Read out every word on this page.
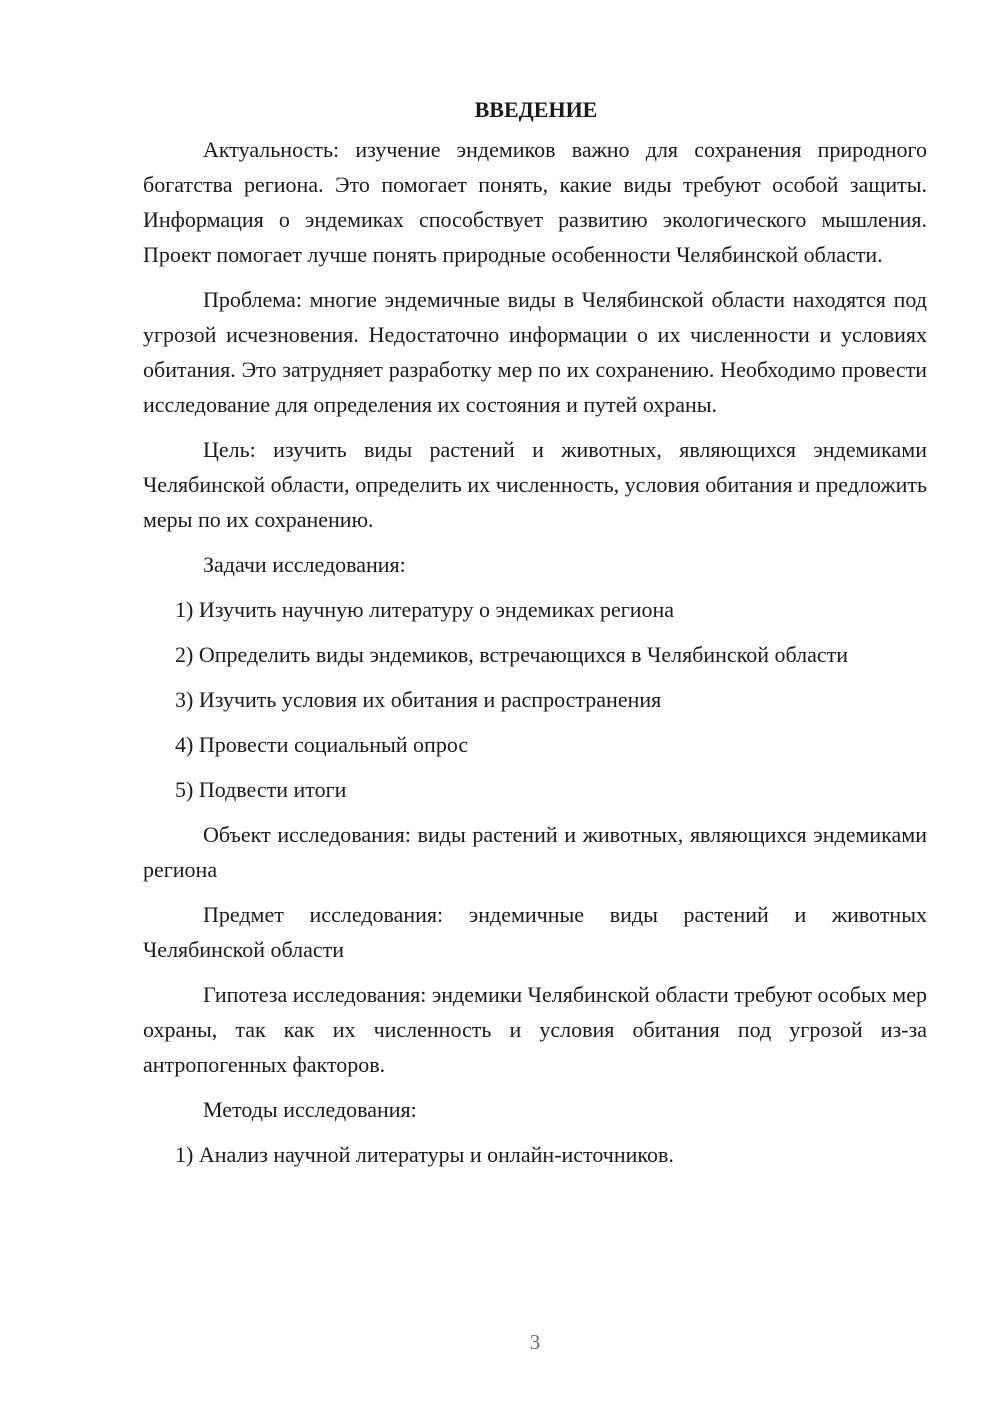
ВВЕДЕНИЕ

Актуальность: изучение эндемиков важно для сохранения природного богатства региона. Это помогает понять, какие виды требуют особой защиты. Информация о эндемиках способствует развитию экологического мышления. Проект помогает лучше понять природные особенности Челябинской области.

Проблема: многие эндемичные виды в Челябинской области находятся под угрозой исчезновения. Недостаточно информации о их численности и условиях обитания. Это затрудняет разработку мер по их сохранению. Необходимо провести исследование для определения их состояния и путей охраны.

Цель: изучить виды растений и животных, являющихся эндемиками Челябинской области, определить их численность, условия обитания и предложить меры по их сохранению.

Задачи исследования:

1) Изучить научную литературу о эндемиках региона

2) Определить виды эндемиков, встречающихся в Челябинской области

3) Изучить условия их обитания и распространения

4) Провести социальный опрос

5) Подвести итоги

Объект исследования: виды растений и животных, являющихся эндемиками региона

Предмет исследования: эндемичные виды растений и животных Челябинской области

Гипотеза исследования: эндемики Челябинской области требуют особых мер охраны, так как их численность и условия обитания под угрозой из-за антропогенных факторов.

Методы исследования:

1) Анализ научной литературы и онлайн-источников.

3
